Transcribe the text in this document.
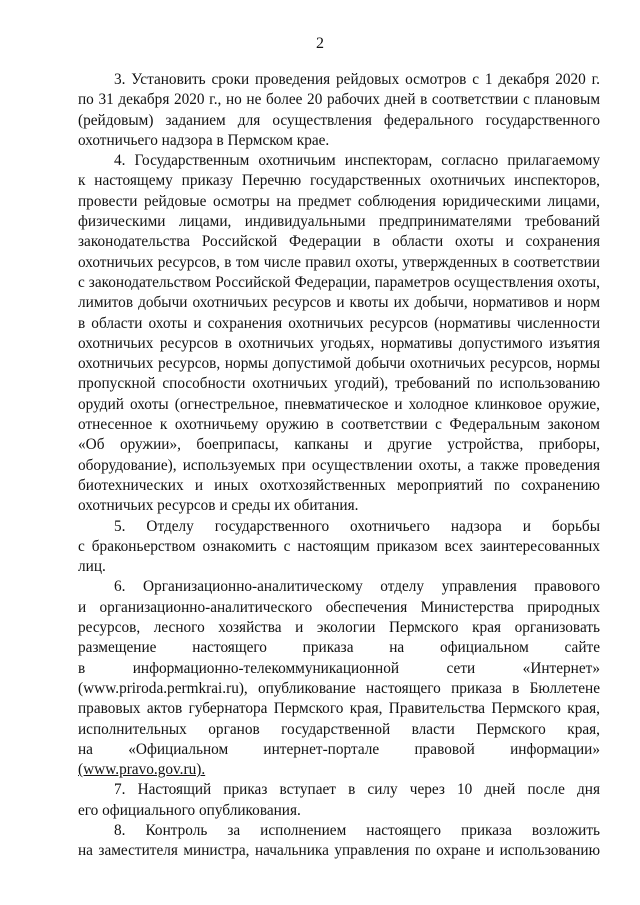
2
3. Установить сроки проведения рейдовых осмотров с 1 декабря 2020 г.
по 31 декабря 2020 г., но не более 20 рабочих дней в соответствии с плановым
(рейдовым) заданием для осуществления федерального государственного
охотничьего надзора в Пермском крае.
4. Государственным охотничьим инспекторам, согласно прилагаемому
к настоящему приказу Перечню государственных охотничьих инспекторов,
провести рейдовые осмотры на предмет соблюдения юридическими лицами,
физическими лицами, индивидуальными предпринимателями требований
законодательства Российской Федерации в области охоты и сохранения
охотничьих ресурсов, в том числе правил охоты, утвержденных в соответствии
с законодательством Российской Федерации, параметров осуществления охоты,
лимитов добычи охотничьих ресурсов и квоты их добычи, нормативов и норм
в области охоты и сохранения охотничьих ресурсов (нормативы численности
охотничьих ресурсов в охотничьих угодьях, нормативы допустимого изъятия
охотничьих ресурсов, нормы допустимой добычи охотничьих ресурсов, нормы
пропускной способности охотничьих угодий), требований по использованию
орудий охоты (огнестрельное, пневматическое и холодное клинковое оружие,
отнесенное к охотничьему оружию в соответствии с Федеральным законом
«Об оружии», боеприпасы, капканы и другие устройства, приборы,
оборудование), используемых при осуществлении охоты, а также проведения
биотехнических и иных охотхозяйственных мероприятий по сохранению
охотничьих ресурсов и среды их обитания.
5. Отделу государственного охотничьего надзора и борьбы
с браконьерством ознакомить с настоящим приказом всех заинтересованных
лиц.
6. Организационно-аналитическому отделу управления правового
и организационно-аналитического обеспечения Министерства природных
ресурсов, лесного хозяйства и экологии Пермского края организовать
размещение настоящего приказа на официальном сайте
в информационно-телекоммуникационной сети «Интернет»
(www.priroda.permkrai.ru), опубликование настоящего приказа в Бюллетене
правовых актов губернатора Пермского края, Правительства Пермского края,
исполнительных органов государственной власти Пермского края,
на «Официальном интернет-портале правовой информации»
(www.pravo.gov.ru).
7. Настоящий приказ вступает в силу через 10 дней после дня
его официального опубликования.
8. Контроль за исполнением настоящего приказа возложить
на заместителя министра, начальника управления по охране и использованию
